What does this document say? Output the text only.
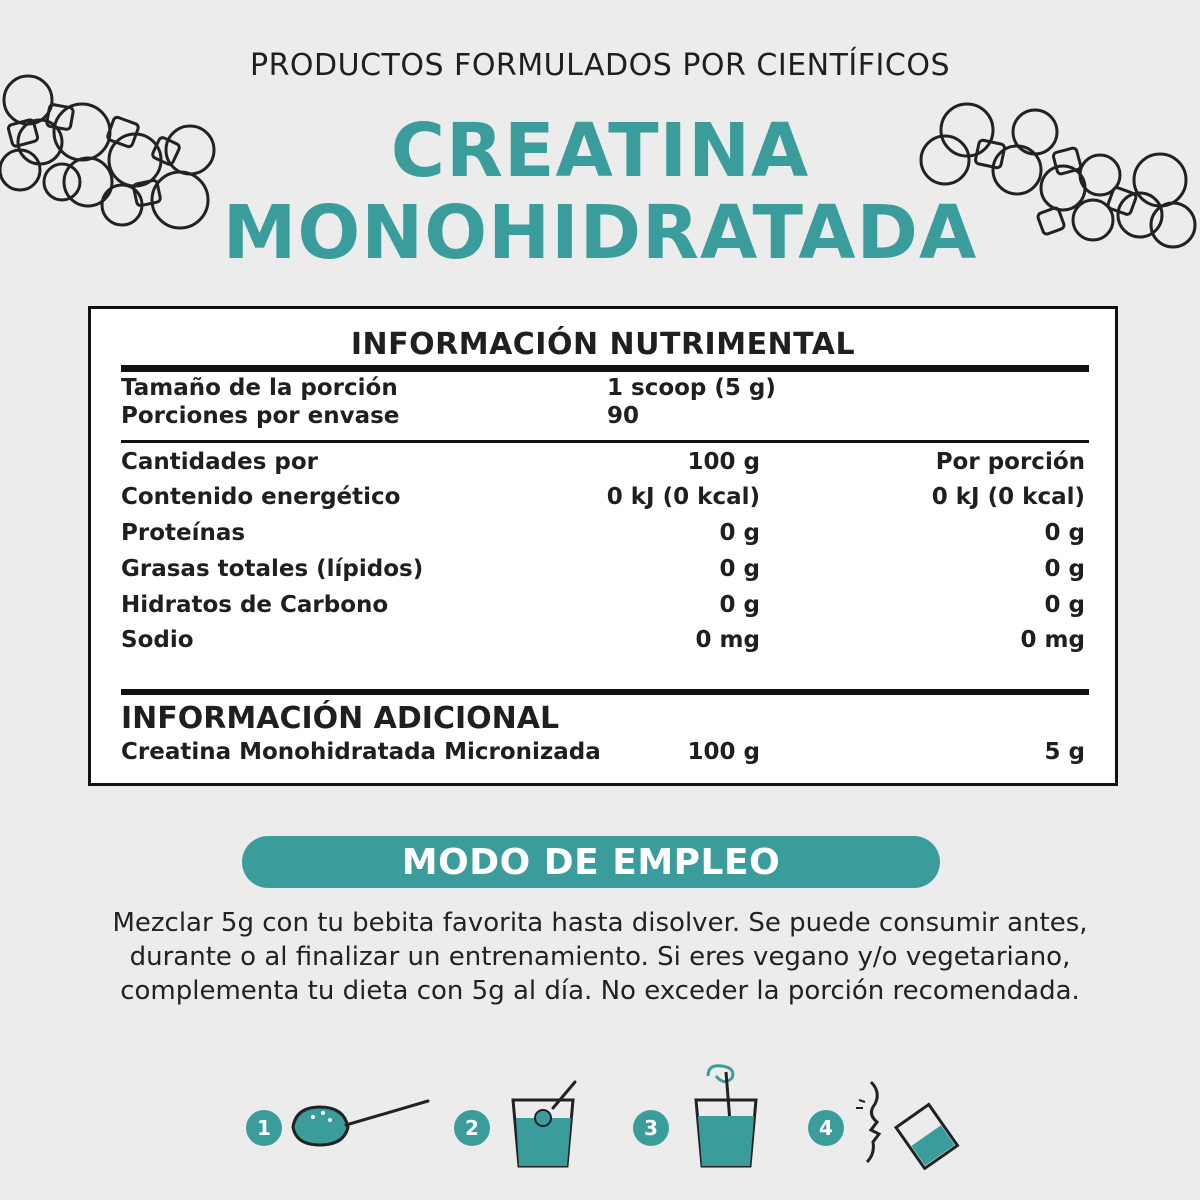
PRODUCTOS FORMULADOS POR CIENTÍFICOS
CREATINA
MONOHIDRATADA
INFORMACIÓN NUTRIMENTAL
Tamaño de la porción	1 scoop (5 g)
Porciones por envase	90
Cantidades por	100 g	Por porción
Contenido energético	0 kJ (0 kcal)	0 kJ (0 kcal)
Proteínas	0 g	0 g
Grasas totales (lípidos)	0 g	0 g
Hidratos de Carbono	0 g	0 g
Sodio	0 mg	0 mg
INFORMACIÓN ADICIONAL
Creatina Monohidratada Micronizada	100 g	5 g
MODO DE EMPLEO
Mezclar 5g con tu bebita favorita hasta disolver. Se puede consumir antes, durante o al finalizar un entrenamiento. Si eres vegano y/o vegetariano, complementa tu dieta con 5g al día. No exceder la porción recomendada.
1	2	3	4
